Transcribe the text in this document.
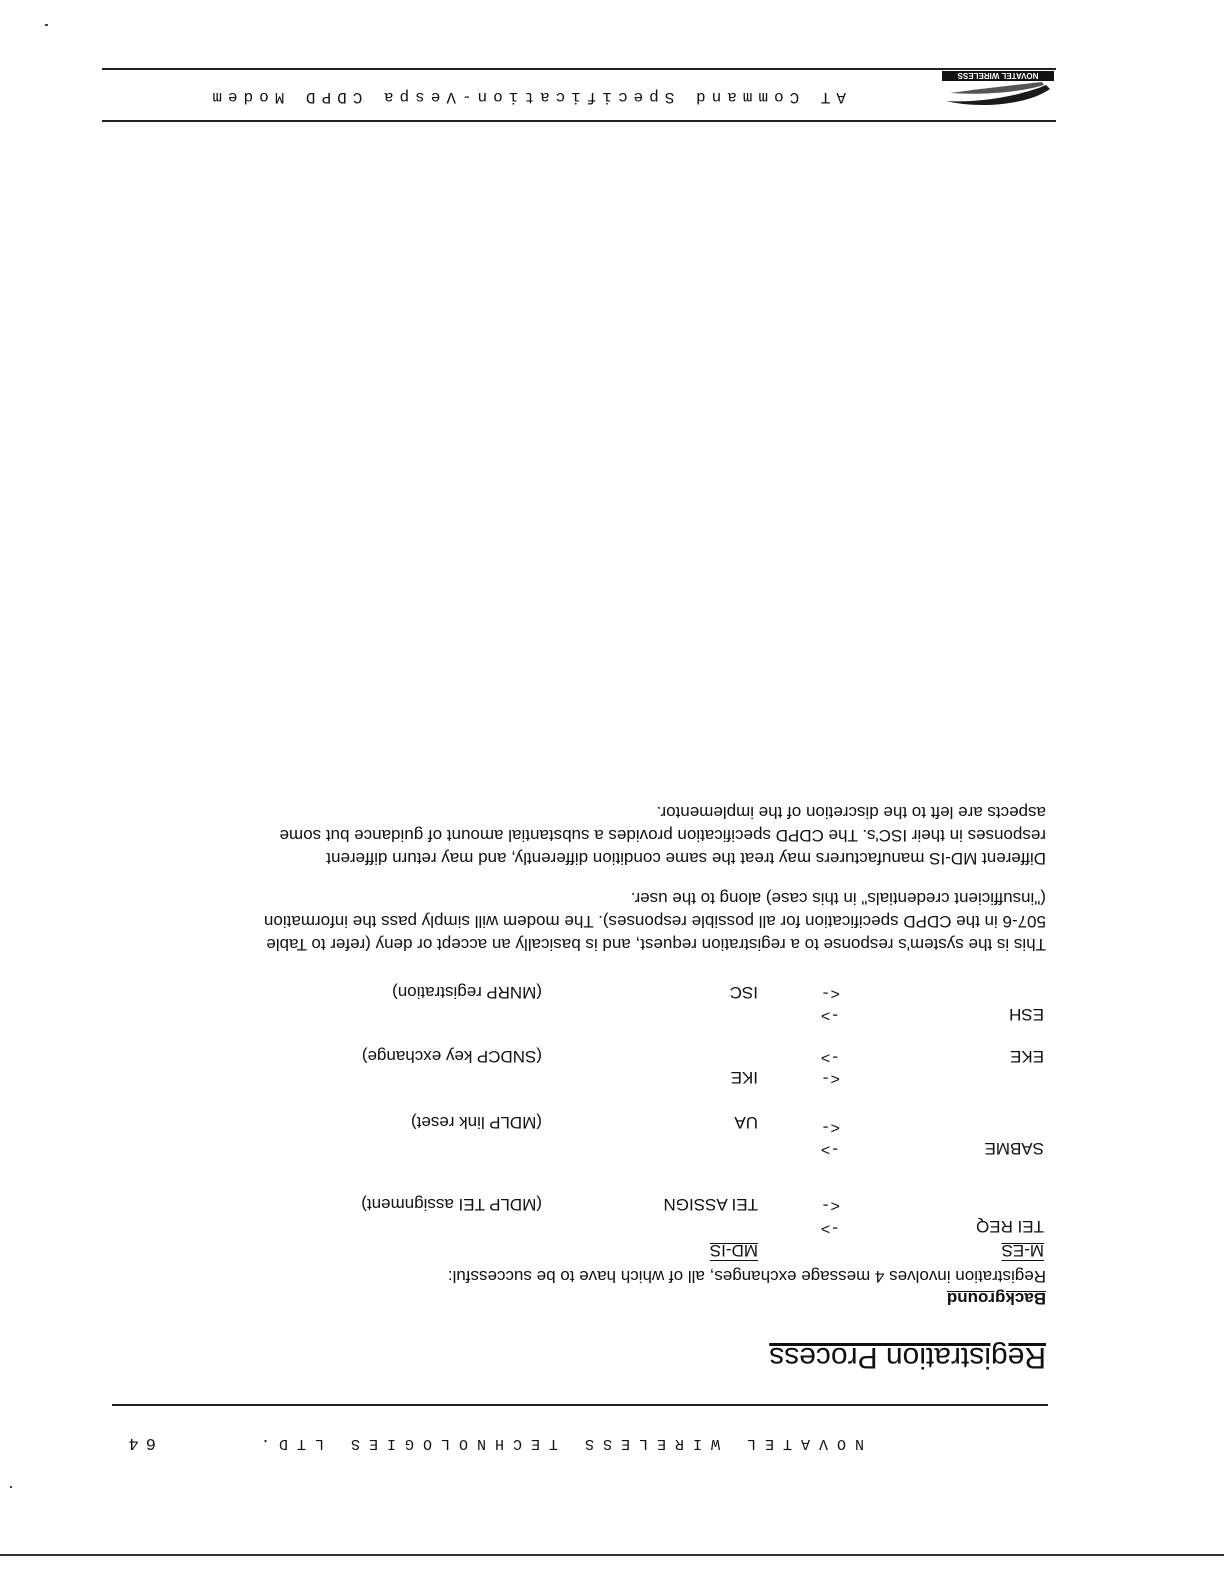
NOVATEL WIRELESS TECHNOLOGIES LTD.
64
Registration Process
Background
Registration involves 4 message exchanges, all of which have to be successful:
M-ES
MD-IS
TEI REQ
->
<-
TEI ASSIGN
(MDLP TEI assignment)
SABME
->
<-
UA
(MDLP link reset)
EKE
<-
->
IKE
(SNDCP key exchange)
ESH
->
<-
ISC
(MNRP registration)
This is the system's response to a registration request, and is basically an accept or deny (refer to Table
507-6 in the CDPD specification for all possible responses). The modem will simply pass the information
("insufficient credentials" in this case) along to the user.
Different MD-IS manufacturers may treat the same condition differently, and may return different
responses in their ISC's. The CDPD specification provides a substantial amount of guidance but some
aspects are left to the discretion of the implementor.
AT Command Specification-Vespa CDPD Modem
NOVATEL WIRELESS
